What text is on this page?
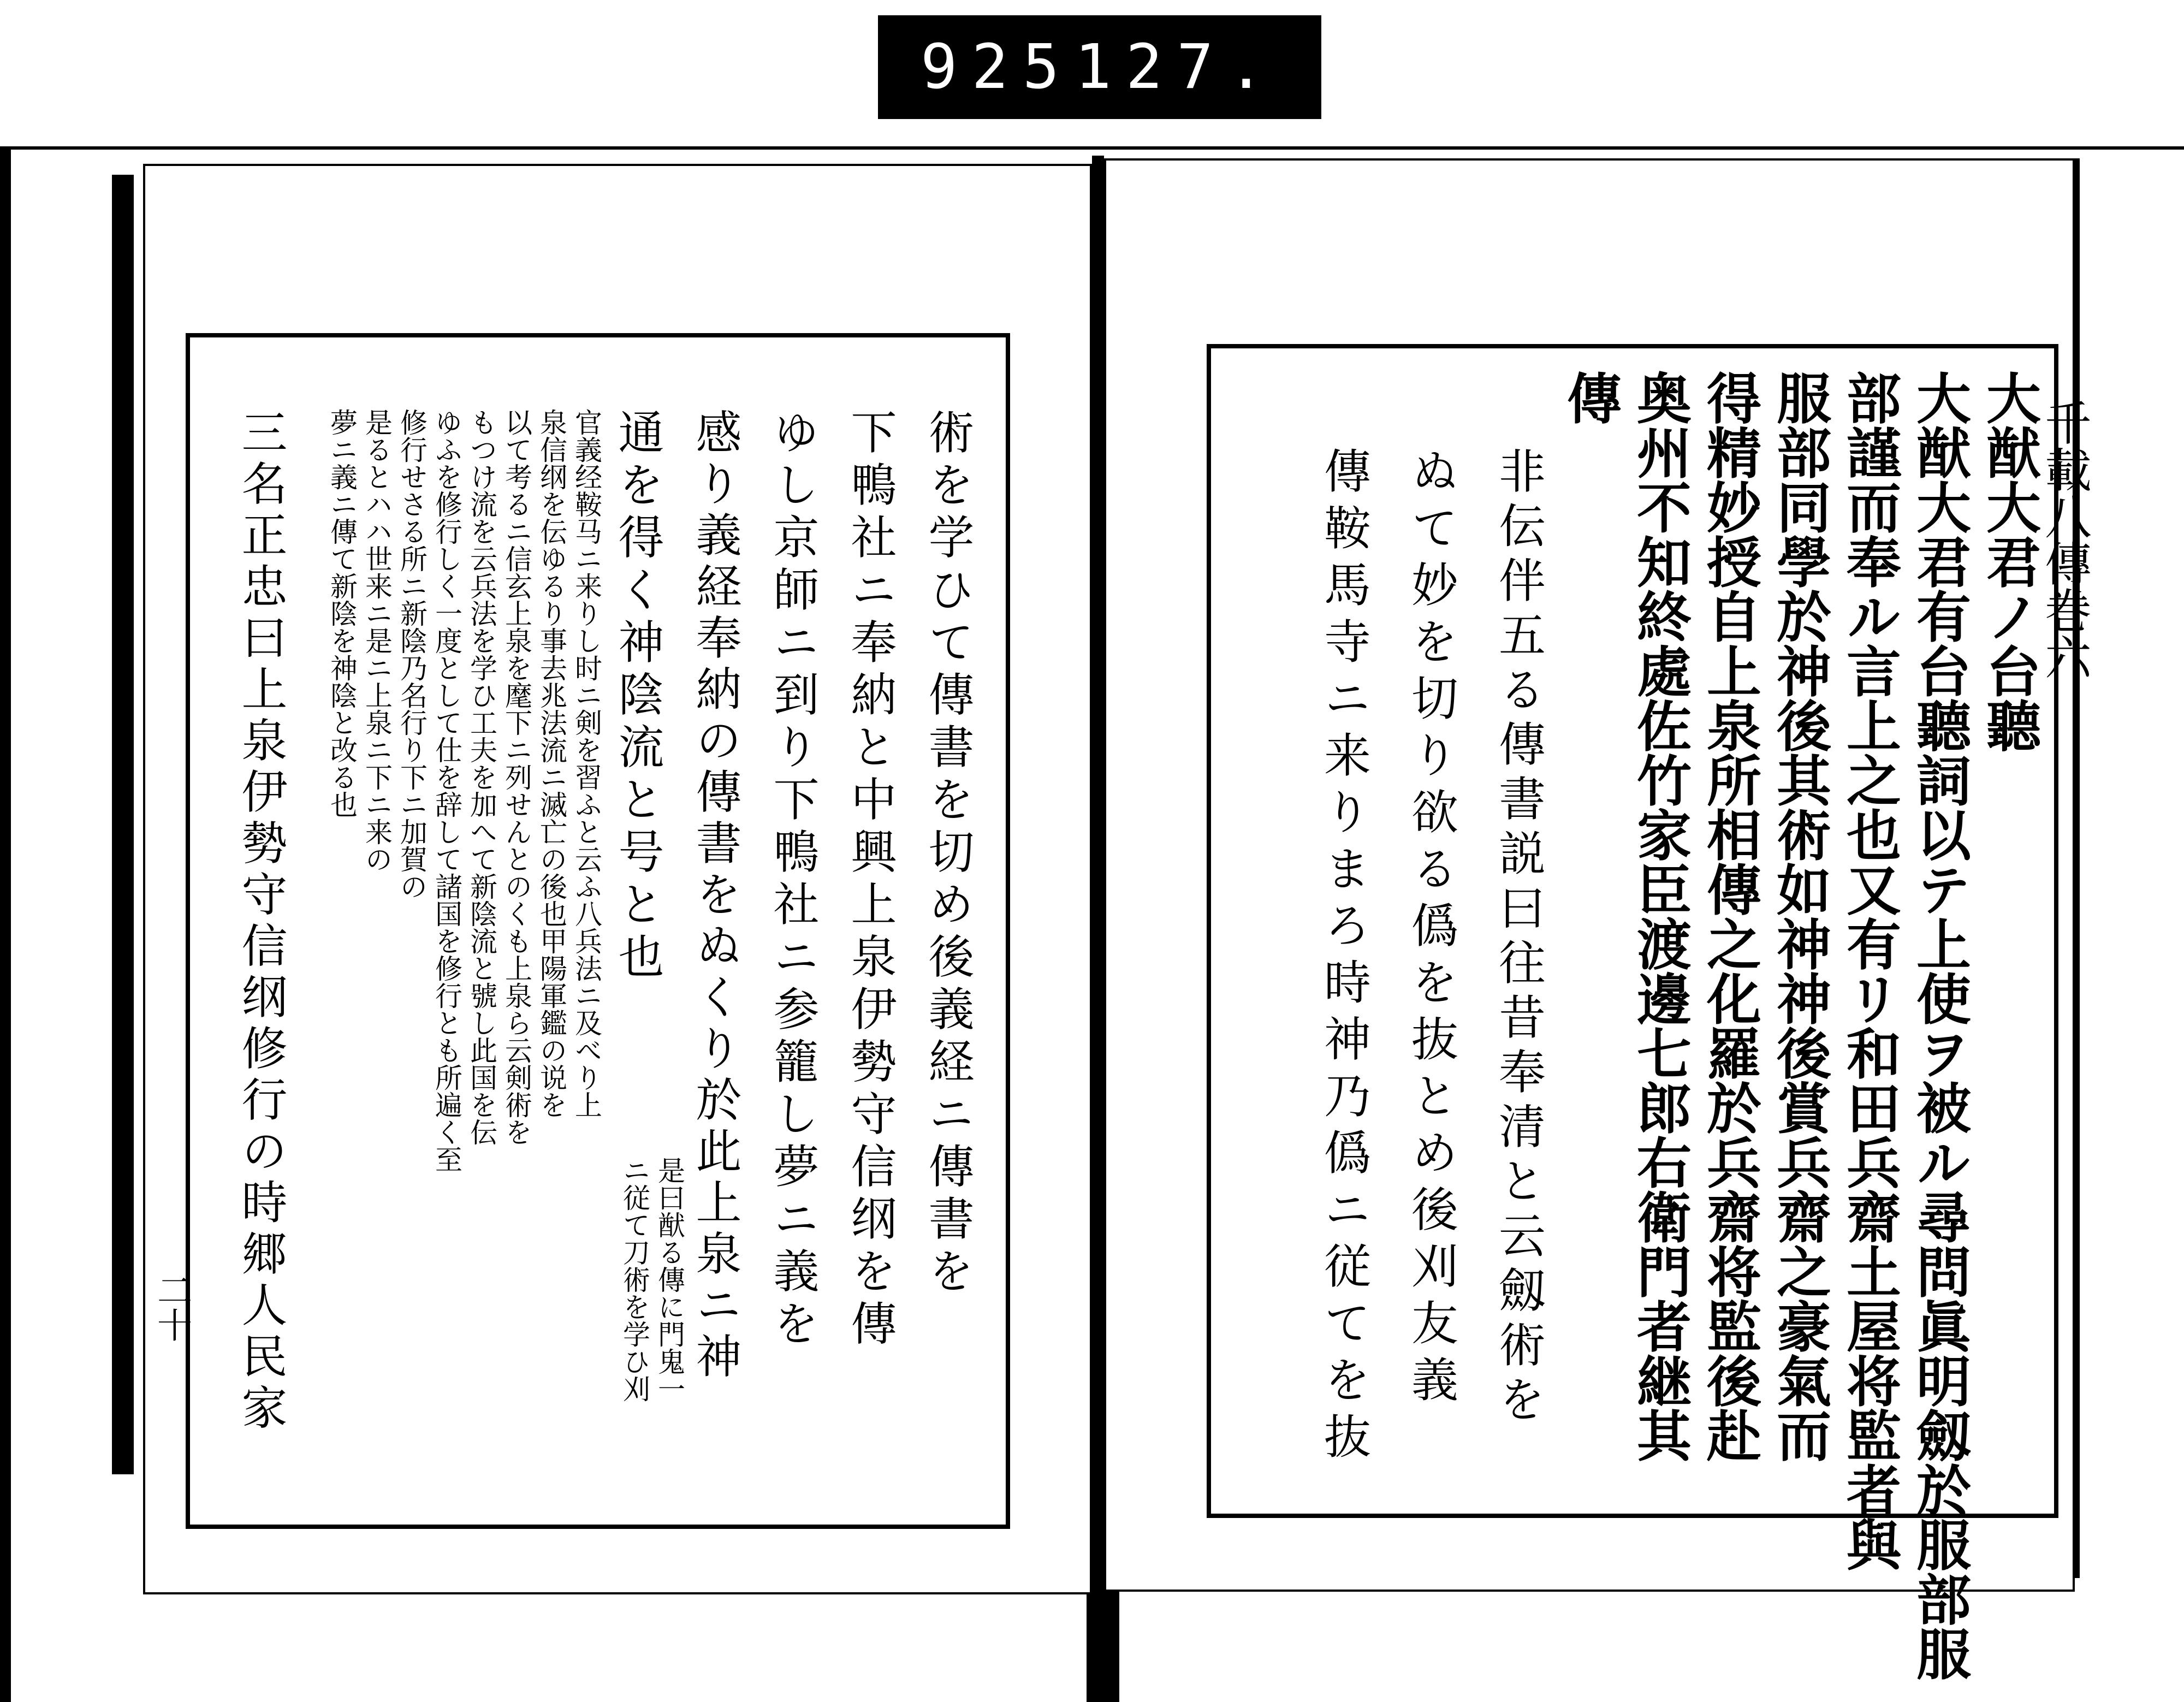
925 127.
千載八傳巻六
二十
術を学ひて傳書を切め後義経ニ傳書を
下鴨社ニ奉納と中興上泉伊勢守信纲を傳
ゆし京師ニ到り下鴨社ニ参籠し夢ニ義を
感り義経奉納の傳書をぬくり於此上泉ニ神
通を得く神陰流と号と也
是曰猷る傳に門鬼一
ニ従て刀術を学ひ刈
官義经鞍马ニ来りし时ニ剣を習ふと云ふ八兵法ニ及べり上
泉信纲を伝ゆるり事去兆法流ニ滅亡の後也甲陽軍鑑の说を
以て考るニ信玄上泉を麾下ニ列せんとのくも上泉ら云剣術を
もつけ流を云兵法を学ひ工夫を加へて新陰流と號し此国を伝
ゆふを修行しく一度として仕を辞して諸国を修行とも所遍く至
修行せさる所ニ新陰乃名行り下ニ加賀の
是るとハハ世来ニ是ニ上泉ニ下ニ来の
夢ニ義ニ傳て新陰を神陰と改る也
三名正忠曰上泉伊勢守信纲修行の時郷人民家	千載八傳巻六
大猷大君ノ台聽
大猷大君有台聽詞以テ上使ヲ被ル尋問眞明劔於服部服
部謹而奉ル言上之也又有リ和田兵齋土屋将監者與
服部同學於神後其術如神神後賞兵齋之豪氣而
得精妙授自上泉所相傳之化羅於兵齋将監後赴
奥州不知終處佐竹家臣渡邊七郎右衛門者継其
傳
非伝伴五る傳書説曰往昔奉清と云劔術を
ぬて妙を切り欲る僞を抜とめ後刈友義
傳鞍馬寺ニ来りまろ時神乃僞ニ従てを抜
